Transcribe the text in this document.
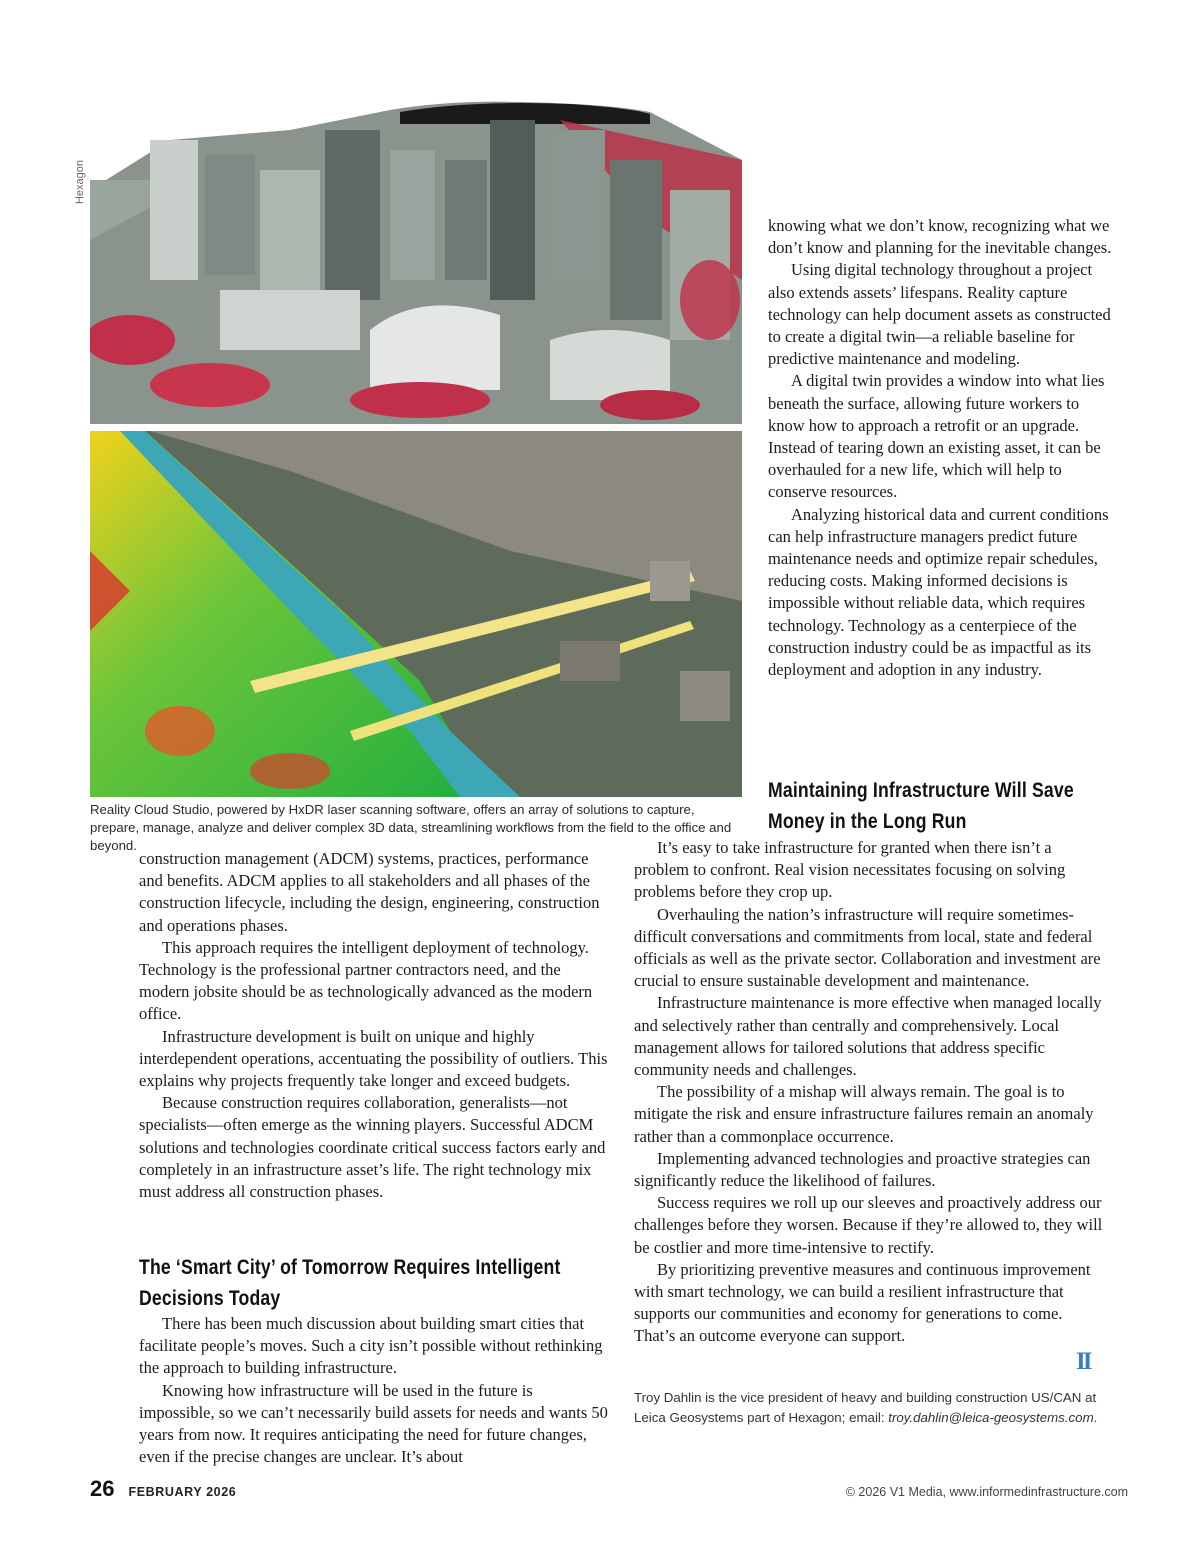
Hexagon
Reality Cloud Studio, powered by HxDR laser scanning software, offers an array of solutions to capture, prepare, manage, analyze and deliver complex 3D data, streamlining workflows from the field to the office and beyond.

knowing what we don’t know, recognizing what we don’t know and planning for the inevitable changes.

Using digital technology throughout a project also extends assets’ lifespans. Reality capture technology can help document assets as constructed to create a digital twin—a reliable baseline for predictive maintenance and modeling.

A digital twin provides a window into what lies beneath the surface, allowing future workers to know how to approach a retrofit or an upgrade. Instead of tearing down an existing asset, it can be overhauled for a new life, which will help to conserve resources.

Analyzing historical data and current conditions can help infrastructure managers predict future maintenance needs and optimize repair schedules, reducing costs. Making informed decisions is impossible without reliable data, which requires technology. Technology as a centerpiece of the construction industry could be as impactful as its deployment and adoption in any industry.

Maintaining Infrastructure Will Save Money in the Long Run

It’s easy to take infrastructure for granted when there isn’t a problem to confront. Real vision necessitates focusing on solving problems before they crop up.

Overhauling the nation’s infrastructure will require sometimes-difficult conversations and commitments from local, state and federal officials as well as the private sector. Collaboration and investment are crucial to ensure sustainable development and maintenance.

Infrastructure maintenance is more effective when managed locally and selectively rather than centrally and comprehensively. Local management allows for tailored solutions that address specific community needs and challenges.

The possibility of a mishap will always remain. The goal is to mitigate the risk and ensure infrastructure failures remain an anomaly rather than a commonplace occurrence.

Implementing advanced technologies and proactive strategies can significantly reduce the likelihood of failures.

Success requires we roll up our sleeves and proactively address our challenges before they worsen. Because if they’re allowed to, they will be costlier and more time-intensive to rectify.

By prioritizing preventive measures and continuous improvement with smart technology, we can build a resilient infrastructure that supports our communities and economy for generations to come. That’s an outcome everyone can support.

II

construction management (ADCM) systems, practices, performance and benefits. ADCM applies to all stakeholders and all phases of the construction lifecycle, including the design, engineering, construction and operations phases.

This approach requires the intelligent deployment of technology. Technology is the professional partner contractors need, and the modern jobsite should be as technologically advanced as the modern office.

Infrastructure development is built on unique and highly interdependent operations, accentuating the possibility of outliers. This explains why projects frequently take longer and exceed budgets.

Because construction requires collaboration, generalists—not specialists—often emerge as the winning players. Successful ADCM solutions and technologies coordinate critical success factors early and completely in an infrastructure asset’s life. The right technology mix must address all construction phases.

The ‘Smart City’ of Tomorrow Requires Intelligent Decisions Today

There has been much discussion about building smart cities that facilitate people’s moves. Such a city isn’t possible without rethinking the approach to building infrastructure.

Knowing how infrastructure will be used in the future is impossible, so we can’t necessarily build assets for needs and wants 50 years from now. It requires anticipating the need for future changes, even if the precise changes are unclear. It’s about

Troy Dahlin is the vice president of heavy and building construction US/CAN at Leica Geosystems part of Hexagon; email: troy.dahlin@leica-geosystems.com.
26 FEBRUARY 2026	© 2026 V1 Media, www.informedinfrastructure.com
